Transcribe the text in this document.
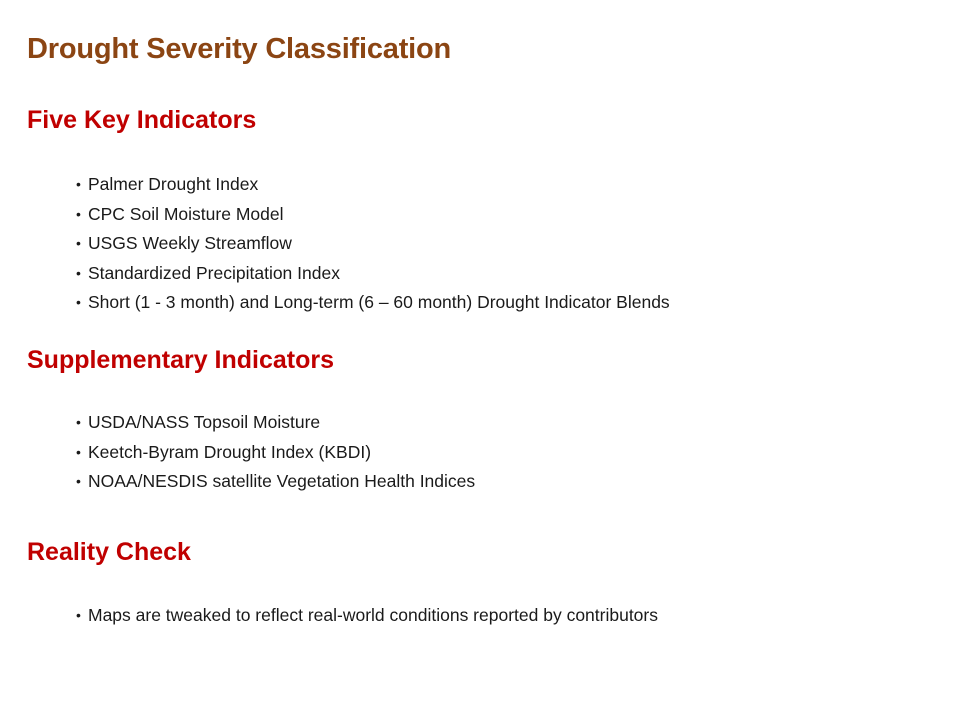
Drought Severity Classification
Five Key Indicators
• Palmer Drought Index
• CPC Soil Moisture Model
• USGS Weekly Streamflow
• Standardized Precipitation Index
• Short (1 - 3 month) and Long-term (6 – 60 month) Drought Indicator Blends
Supplementary Indicators
• USDA/NASS Topsoil Moisture
• Keetch-Byram Drought Index (KBDI)
• NOAA/NESDIS satellite Vegetation Health Indices
Reality Check
• Maps are tweaked to reflect real-world conditions reported by contributors
